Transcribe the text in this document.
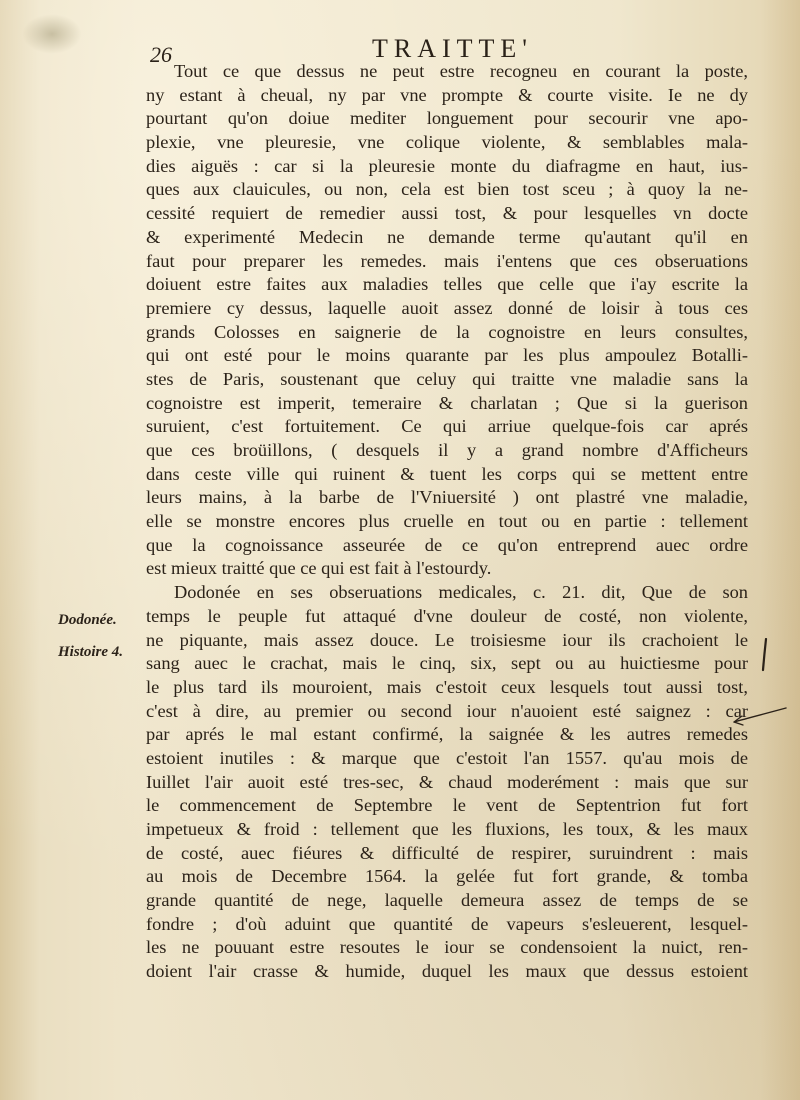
26	TRAITTE'
Tout ce que dessus ne peut estre recogneu en courant la poste,
ny estant à cheual, ny par vne prompte & courte visite. Ie ne dy
pourtant qu'on doiue mediter longuement pour secourir vne apo-
plexie, vne pleuresie, vne colique violente, & semblables mala-
dies aiguës : car si la pleuresie monte du diafragme en haut, ius-
ques aux clauicules, ou non, cela est bien tost sceu ; à quoy la ne-
cessité requiert de remedier aussi tost, & pour lesquelles vn docte
& experimenté Medecin ne demande terme qu'autant qu'il en
faut pour preparer les remedes. mais i'entens que ces obseruations
doiuent estre faites aux maladies telles que celle que i'ay escrite la
premiere cy dessus, laquelle auoit assez donné de loisir à tous ces
grands Colosses en saignerie de la cognoistre en leurs consultes,
qui ont esté pour le moins quarante par les plus ampoulez Botalli-
stes de Paris, soustenant que celuy qui traitte vne maladie sans la
cognoistre est imperit, temeraire & charlatan ; Que si la guerison
suruient, c'est fortuitement. Ce qui arriue quelque-fois car aprés
que ces broüillons, ( desquels il y a grand nombre d'Afficheurs
dans ceste ville qui ruinent & tuent les corps qui se mettent entre
leurs mains, à la barbe de l'Vniuersité ) ont plastré vne maladie,
elle se monstre encores plus cruelle en tout ou en partie : tellement
que la cognoissance asseurée de ce qu'on entreprend auec ordre
est mieux traitté que ce qui est fait à l'estourdy.
Dodonée en ses obseruations medicales, c. 21. dit, Que de son
temps le peuple fut attaqué d'vne douleur de costé, non violente,
ne piquante, mais assez douce. Le troisiesme iour ils crachoient le
sang auec le crachat, mais le cinq, six, sept ou au huictiesme pour
le plus tard ils mouroient, mais c'estoit ceux lesquels tout aussi tost,
c'est à dire, au premier ou second iour n'auoient esté saignez : car
par aprés le mal estant confirmé, la saignée & les autres remedes
estoient inutiles : & marque que c'estoit l'an 1557. qu'au mois de
Iuillet l'air auoit esté tres-sec, & chaud moderément : mais que sur
le commencement de Septembre le vent de Septentrion fut fort
impetueux & froid : tellement que les fluxions, les toux, & les maux
de costé, auec fiéures & difficulté de respirer, suruindrent : mais
au mois de Decembre 1564. la gelée fut fort grande, & tomba
grande quantité de nege, laquelle demeura assez de temps de se
fondre ; d'où aduint que quantité de vapeurs s'esleuerent, lesquel-
les ne pouuant estre resoutes le iour se condensoient la nuict, ren-
doient l'air crasse & humide, duquel les maux que dessus estoient
Dodonée.
Histoire 4.
